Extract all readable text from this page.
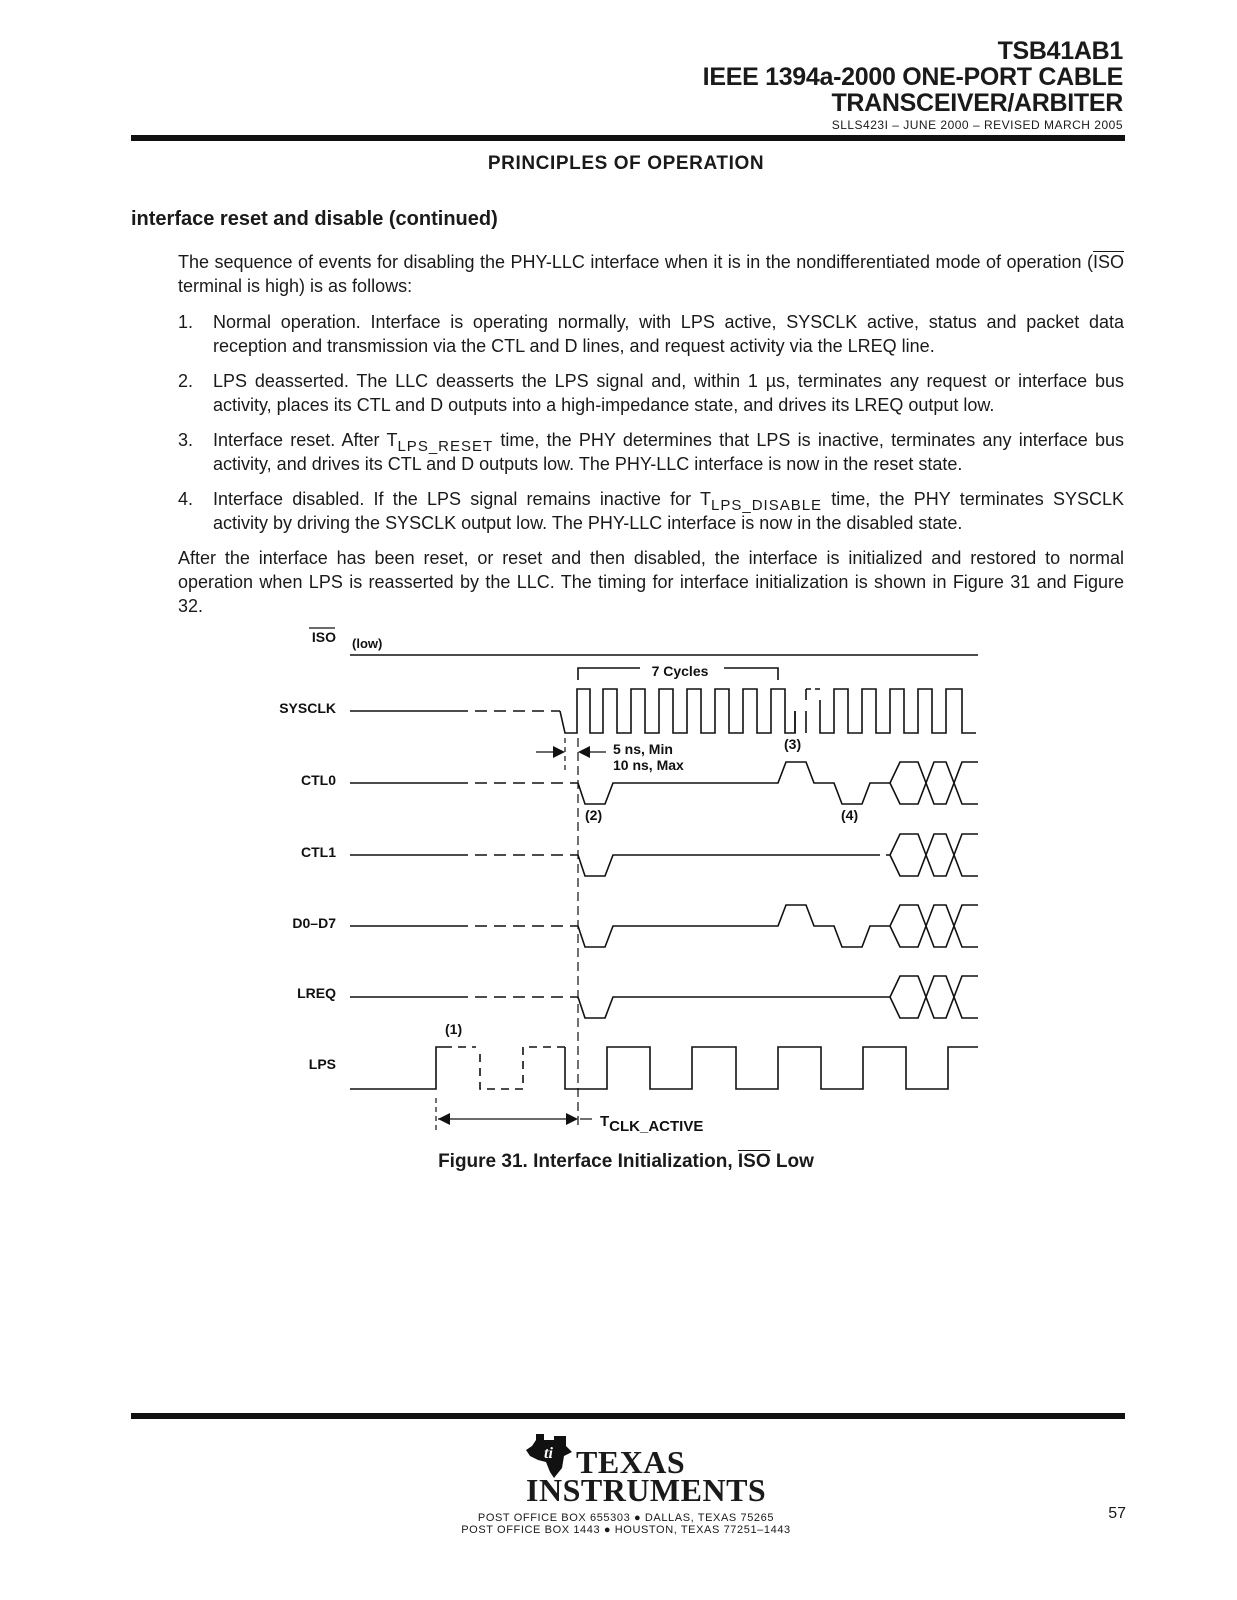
TSB41AB1
IEEE 1394a-2000 ONE-PORT CABLE
TRANSCEIVER/ARBITER
SLLS423I – JUNE 2000 – REVISED MARCH 2005
PRINCIPLES OF OPERATION
interface reset and disable (continued)
The sequence of events for disabling the PHY-LLC interface when it is in the nondifferentiated mode of operation ($\overline{ISO}$ terminal is high) is as follows:
1. Normal operation. Interface is operating normally, with LPS active, SYSCLK active, status and packet data reception and transmission via the CTL and D lines, and request activity via the LREQ line.
2. LPS deasserted. The LLC deasserts the LPS signal and, within 1 µs, terminates any request or interface bus activity, places its CTL and D outputs into a high-impedance state, and drives its LREQ output low.
3. Interface reset. After $T_{LPS\_RESET}$ time, the PHY determines that LPS is inactive, terminates any interface bus activity, and drives its CTL and D outputs low. The PHY-LLC interface is now in the reset state.
4. Interface disabled. If the LPS signal remains inactive for $T_{LPS\_DISABLE}$ time, the PHY terminates SYSCLK activity by driving the SYSCLK output low. The PHY-LLC interface is now in the disabled state.
After the interface has been reset, or reset and then disabled, the interface is initialized and restored to normal operation when LPS is reasserted by the LLC. The timing for interface initialization is shown in Figure 31 and Figure 32.
ISO (low)
SYSCLK
CTL0
CTL1
D0–D7
LREQ
LPS
7 Cycles
5 ns, Min
10 ns, Max
(3)
(2)	(4)
(1)
TCLK_ACTIVE
Figure 31. Interface Initialization, $\overline{ISO}$ Low
ti TEXAS
INSTRUMENTS
POST OFFICE BOX 655303 ● DALLAS, TEXAS 75265
POST OFFICE BOX 1443 ● HOUSTON, TEXAS 77251–1443
57
